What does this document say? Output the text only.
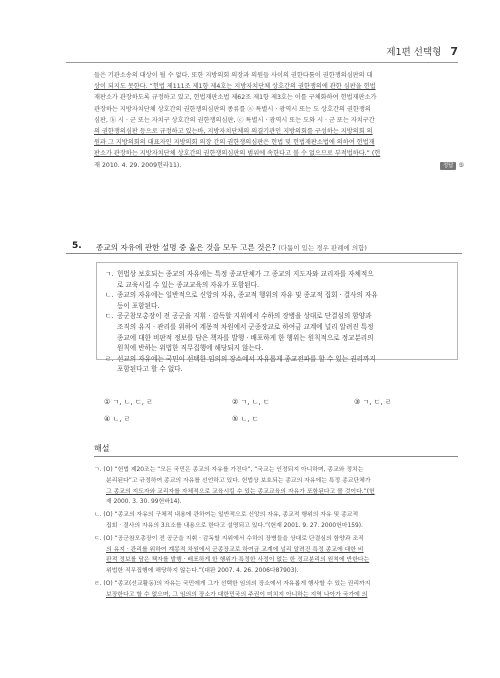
제1편 선택형 7

들은 기관소송의 대상이 될 수 없다. 또한 지방의회 의장과 의원들 사이의 권한다툼이 권한쟁의심판의 대

상이 되지도 못한다. “헌법 제111조 제1항 제4호는 지방자치단체 상호간의 권한쟁의에 관한 심판을 헌법

재판소가 관장하도록 규정하고 있고, 헌법재판소법 제62조 제1항 제3호는 이를 구체화하여 헌법재판소가

관장하는 지방자치단체 상호간의 권한쟁의심판의 종류를 ⓐ 특별시 · 광역시 또는 도 상호간의 권한쟁의

심판, ⓑ 시 · 군 또는 자치구 상호간의 권한쟁의심판, ⓒ 특별시 · 광역시 또는 도와 시 · 군 또는 자치구간

의 권한쟁의심판 등으로 규정하고 있는바, 지방자치단체의 의결기관인 지방의회를 구성하는 지방의회 의

원과 그 지방의회의 대표자인 지방의회 의장 간의 권한쟁의심판은 헌법 및 헌법재판소법에 의하여 헌법재

판소가 관장하는 지방자치단체 상호간의 권한쟁의심판의 범위에 속한다고 볼 수 없으므로 부적법하다.” (헌

재 2010. 4. 29. 2009헌라11).	정답 ⑤

5. 종교의 자유에 관한 설명 중 옳은 것을 모두 고른 것은? (다툼이 있는 경우 판례에 의함)
ㄱ. 헌법상 보호되는 종교의 자유에는 특정 종교단체가 그 종교의 지도자와 교리자를 자체적으
로 교육시킬 수 있는 종교교육의 자유가 포함된다.
ㄴ. 종교의 자유에는 일반적으로 신앙의 자유, 종교적 행위의 자유 및 종교적 집회 · 결사의 자유
등이 포함된다.
ㄷ. 공군참모총장이 전 공군을 지휘 · 감독할 지위에서 수하의 장병을 상대로 단결심의 함양과
조직의 유지 · 관리를 위하여 계몽적 차원에서 군종장교로 하여금 교계에 널리 알려진 특정
종교에 대한 비판적 정보를 담은 책자를 발행 · 배포하게 한 행위는 원칙적으로 정교분리의
원칙에 반하는 위법한 직무집행에 해당되지 않는다.
ㄹ. 선교의 자유에는 국민이 선택한 임의의 장소에서 자유롭게 종교전파를 할 수 있는 권리까지
포함된다고 할 수 없다.
① ㄱ, ㄴ, ㄷ, ㄹ	② ㄱ, ㄴ, ㄷ	③ ㄱ, ㄷ, ㄹ
④ ㄴ, ㄹ	⑤ ㄴ, ㄷ
해설

ㄱ. (O) “헌법 제20조는 “모든 국민은 종교의 자유를 가진다”, “국교는 인정되지 아니하며, 종교와 정치는
분리된다”고 규정하여 종교의 자유를 선언하고 있다. 헌법상 보호되는 종교의 자유에는 특정 종교단체가
그 종교의 지도자와 교리자를 자체적으로 교육시킬 수 있는 종교교육의 자유가 포함된다고 볼 것이다.”(헌
재 2000. 3. 30. 99헌바14).

ㄴ. (O) “종교의 자유의 구체적 내용에 관하여는 일반적으로 신앙의 자유, 종교적 행위의 자유 및 종교적
집회 · 결사의 자유의 3요소를 내용으로 한다고 설명되고 있다.”(헌재 2001. 9. 27. 2000헌마159).

ㄷ. (O) “공군참모총장이 전 공군을 지휘 · 감독할 지위에서 수하의 장병들을 상대로 단결심의 함양과 조직
의 유지 · 관리를 위하여 계몽적 차원에서 군종장교로 하여금 교계에 널리 알려진 특정 종교에 대한 비
판적 정보를 담은 책자를 발행 · 배포하게 한 행위가 특정한 사정이 없는 한 정교분리의 원칙에 반한다는
위법한 직무집행에 해당하지 않는다.”(대판 2007. 4. 26. 2006다87903).

ㄹ. (O) “종교(선교활동)의 자유는 국민에게 그가 선택한 임의의 장소에서 자유롭게 행사할 수 있는 권리까지
보장한다고 할 수 없으며, 그 임의의 장소가 대한민국의 주권이 미치지 아니하는 지역 나아가 국가에 의
